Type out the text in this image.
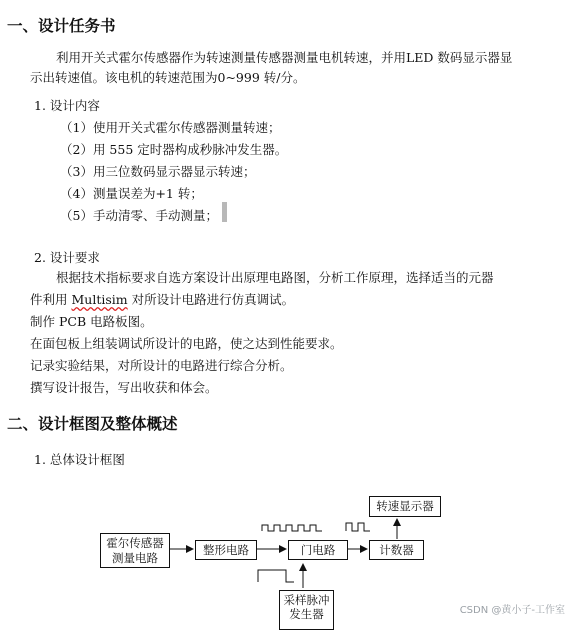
一、设计任务书
利用开关式霍尔传感器作为转速测量传感器测量电机转速，并用LED 数码显示器显
示出转速值。该电机的转速范围为0~999 转/分。
1. 设计内容
（1）使用开关式霍尔传感器测量转速；
（2）用 555 定时器构成秒脉冲发生器。
（3）用三位数码显示器显示转速；
（4）测量误差为+1 转；
（5）手动清零、手动测量；
2. 设计要求
根据技术指标要求自选方案设计出原理电路图，分析工作原理，选择适当的元器
件利用 Multisim 对所设计电路进行仿真调试。
制作 PCB 电路板图。
在面包板上组装调试所设计的电路，使之达到性能要求。
记录实验结果，对所设计的电路进行综合分析。
撰写设计报告，写出收获和体会。
二、设计框图及整体概述
1. 总体设计框图
霍尔传感器测量电路
整形电路	门电路	计数器
转速显示器
采样脉冲发生器	CSDN @黄小子-工作室
